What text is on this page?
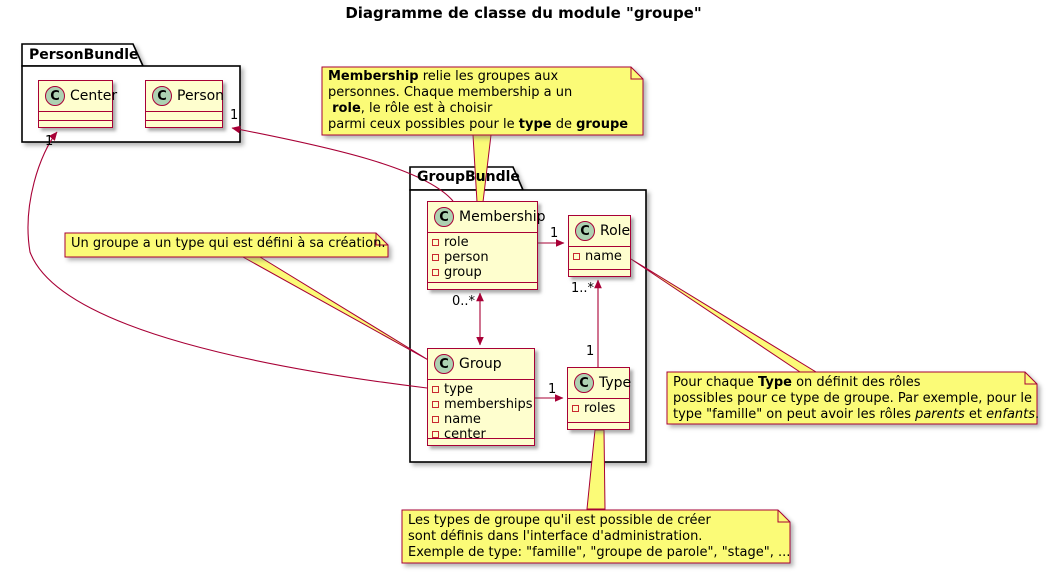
Diagramme de classe du module "groupe"
PersonBundle
GroupBundle
C Center	C Person
C Membership
role
person
group
C Role
name
C Group
type
memberships
name
center
C Type
roles
Membership relie les groupes aux
personnes. Chaque membership a un
role, le rôle est à choisir
parmi ceux possibles pour le type de groupe
Un groupe a un type qui est défini à sa création.
Pour chaque Type on définit des rôles
possibles pour ce type de groupe. Par exemple, pour le
type "famille" on peut avoir les rôles parents et enfants.
Les types de groupe qu'il est possible de créer
sont définis dans l'interface d'administration.
Exemple de type: "famille", "groupe de parole", "stage", ...
1
1
1
0..*
1
1..*
1
